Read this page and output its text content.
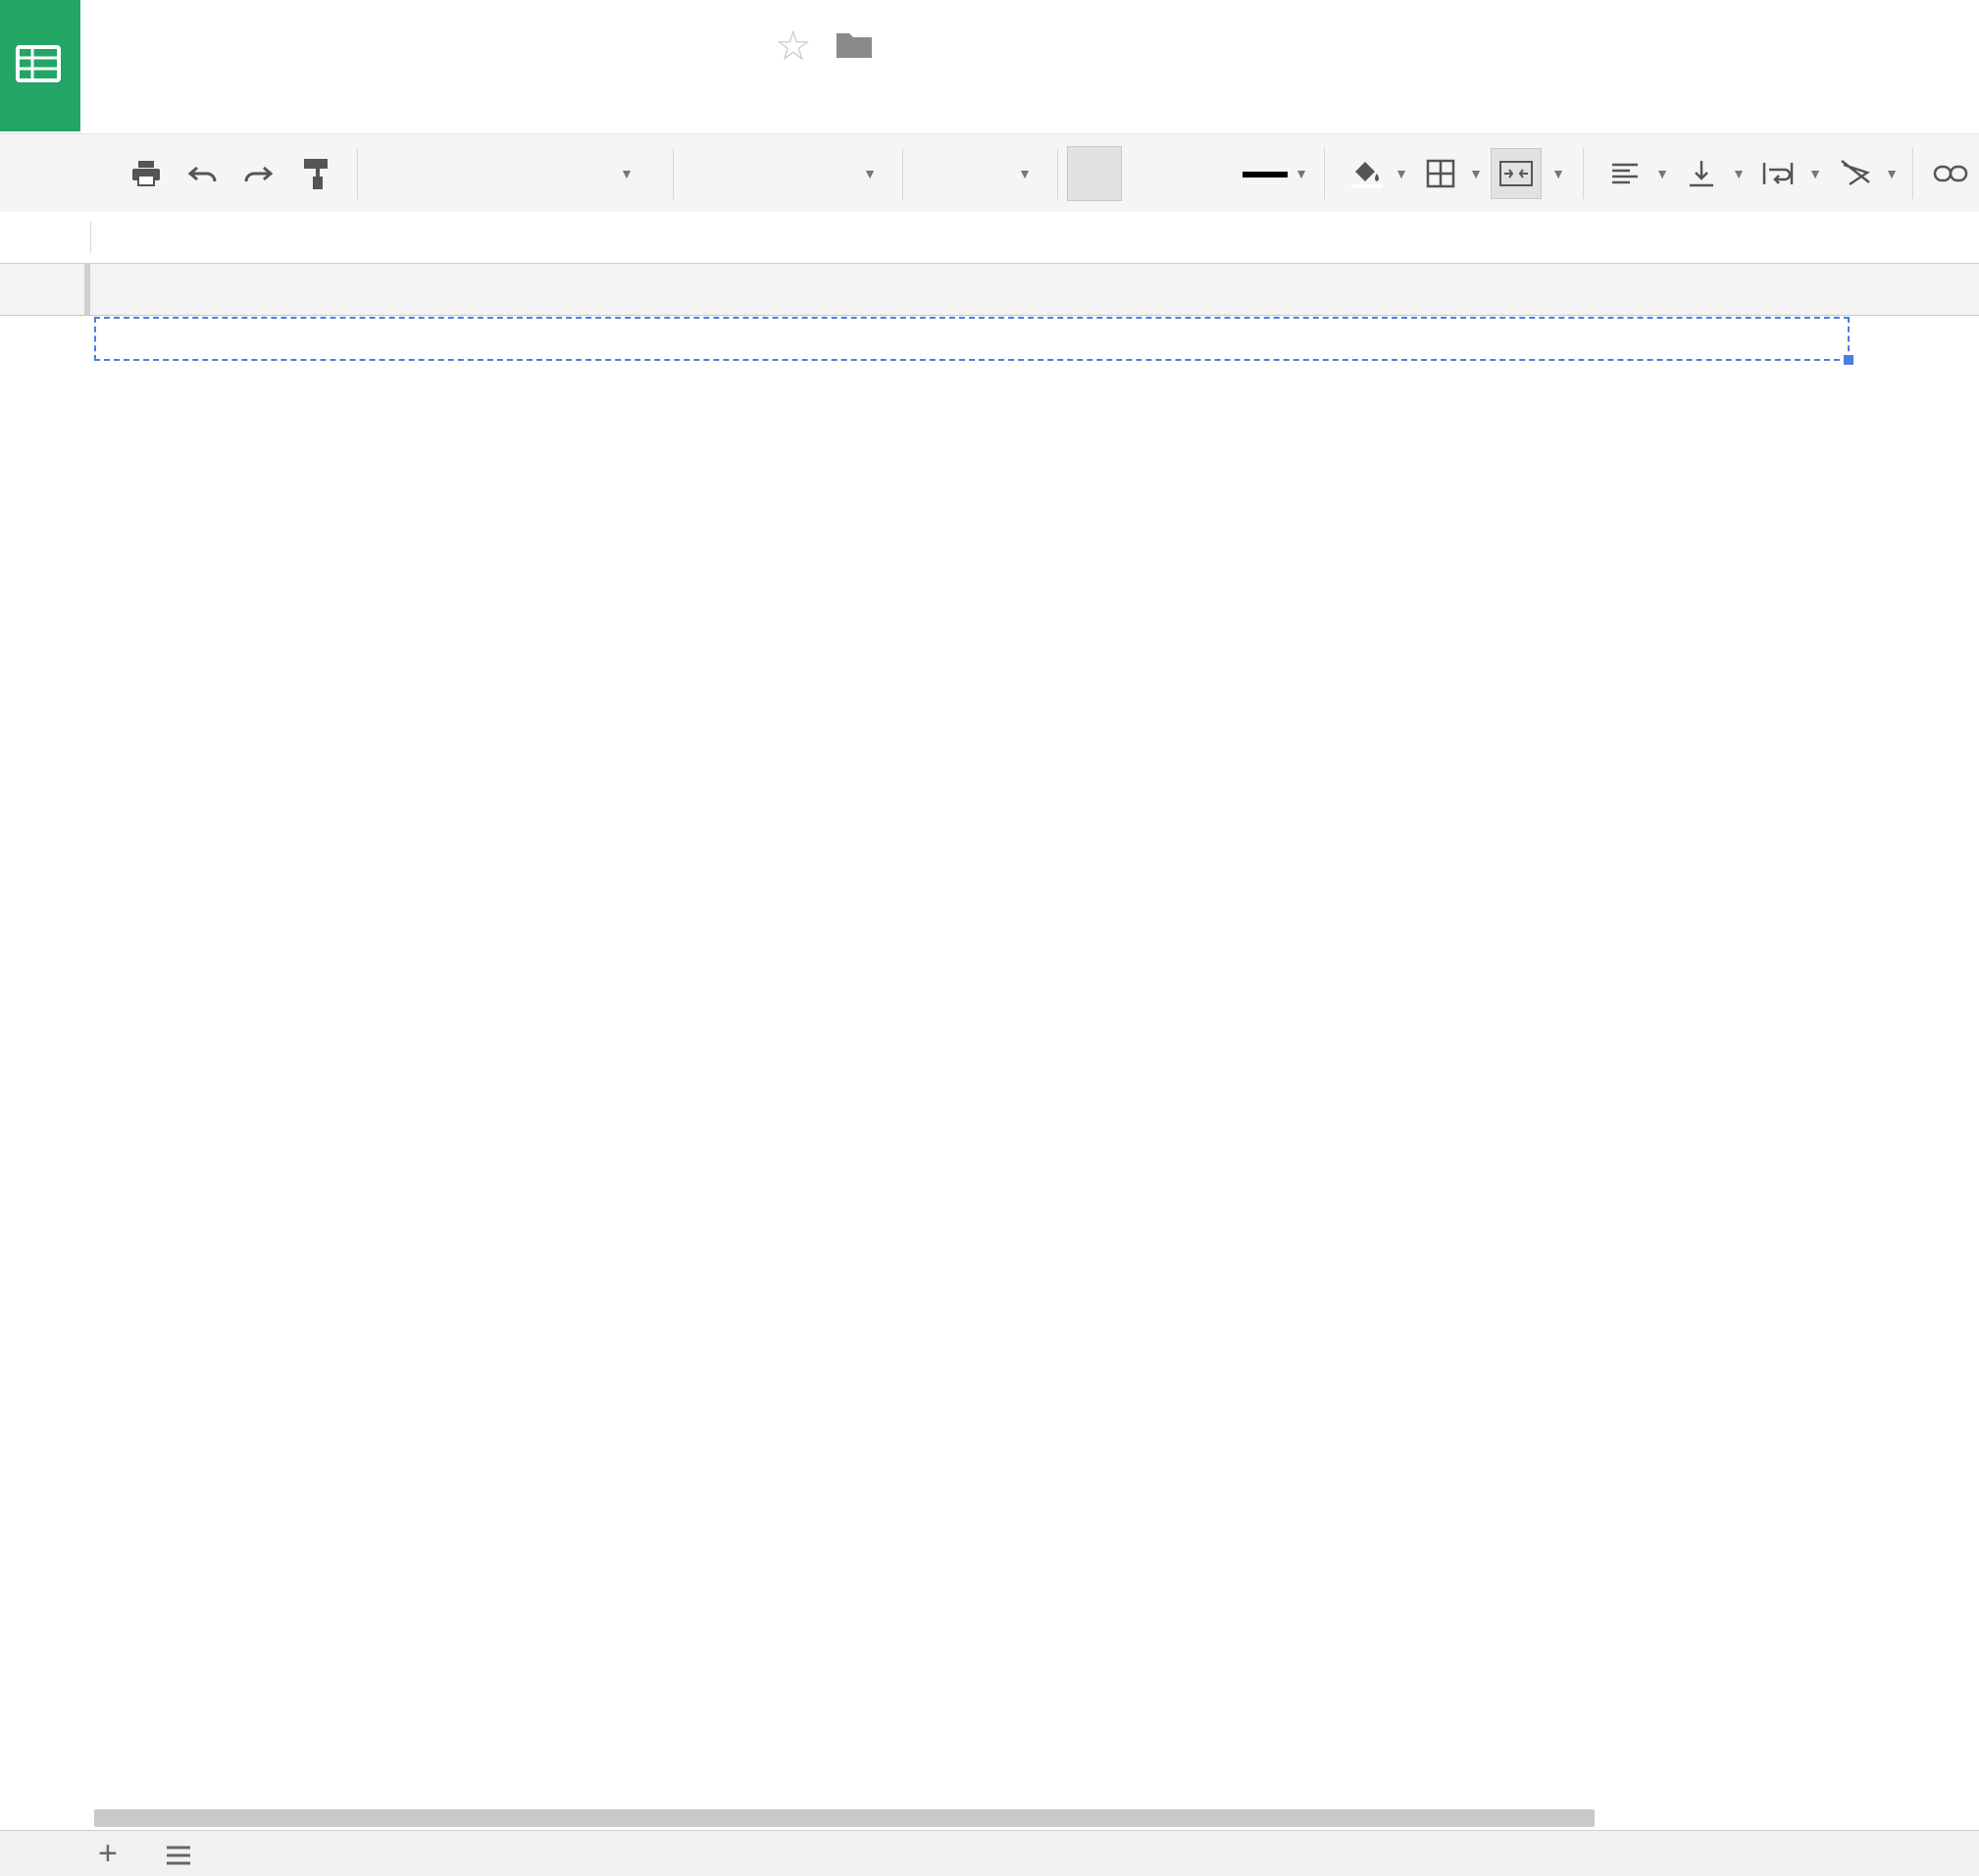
☆
▼	▼	▼	▼	▼	▼	▼	▼	▼	▼	▼
+
